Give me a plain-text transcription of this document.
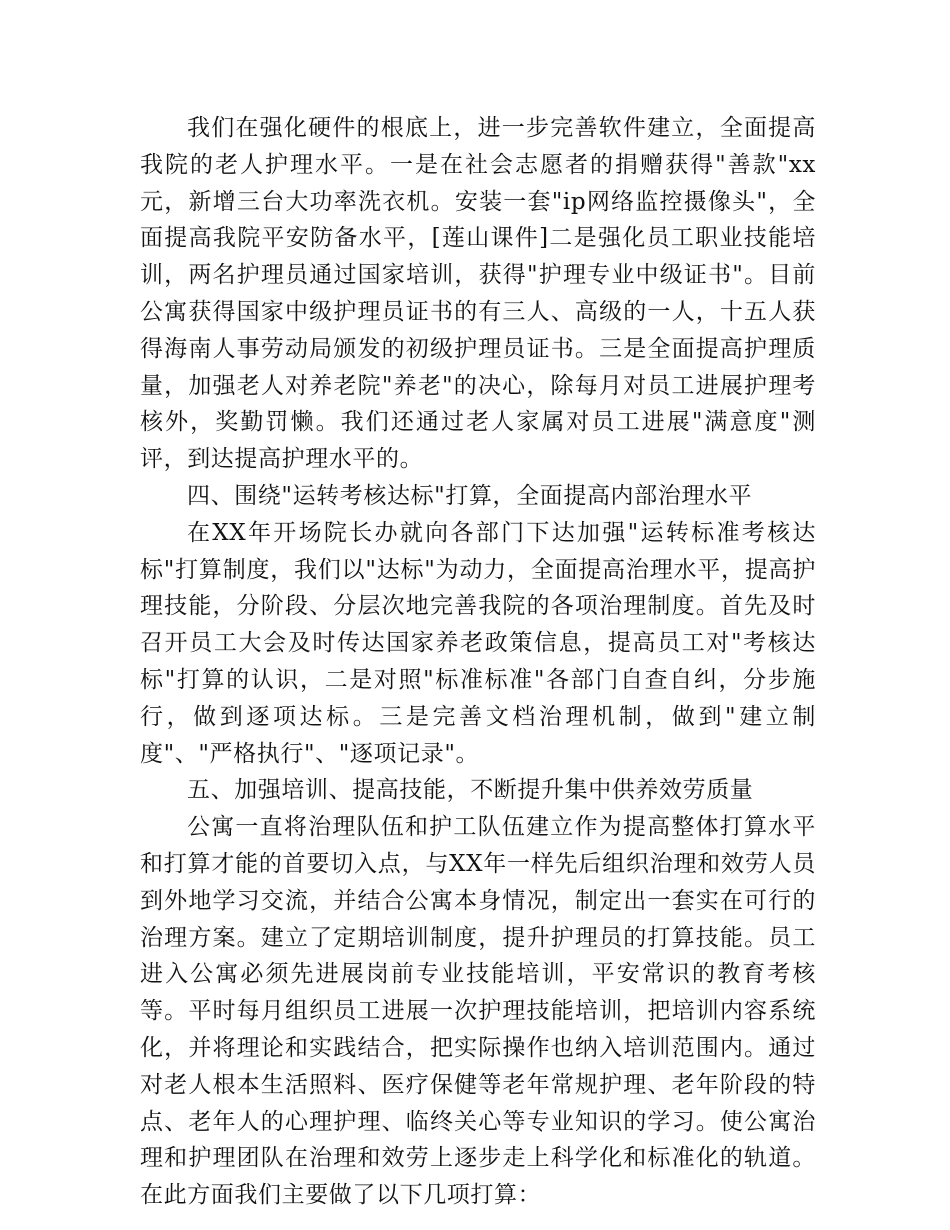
我们在强化硬件的根底上，进一步完善软件建立，全面提高我院的老人护理水平。一是在社会志愿者的捐赠获得"善款"xx元，新增三台大功率洗衣机。安装一套"ip网络监控摄像头"，全面提高我院平安防备水平，[莲山课件]二是强化员工职业技能培训，两名护理员通过国家培训，获得"护理专业中级证书"。目前公寓获得国家中级护理员证书的有三人、高级的一人，十五人获得海南人事劳动局颁发的初级护理员证书。三是全面提高护理质量，加强老人对养老院"养老"的决心，除每月对员工进展护理考核外，奖勤罚懒。我们还通过老人家属对员工进展"满意度"测评，到达提高护理水平的。

四、围绕"运转考核达标"打算，全面提高内部治理水平

在XX年开场院长办就向各部门下达加强"运转标准考核达标"打算制度，我们以"达标"为动力，全面提高治理水平，提高护理技能，分阶段、分层次地完善我院的各项治理制度。首先及时召开员工大会及时传达国家养老政策信息，提高员工对"考核达标"打算的认识，二是对照"标准标准"各部门自查自纠，分步施行，做到逐项达标。三是完善文档治理机制，做到"建立制度"、"严格执行"、"逐项记录"。

五、加强培训、提高技能，不断提升集中供养效劳质量

公寓一直将治理队伍和护工队伍建立作为提高整体打算水平和打算才能的首要切入点，与XX年一样先后组织治理和效劳人员到外地学习交流，并结合公寓本身情况，制定出一套实在可行的治理方案。建立了定期培训制度，提升护理员的打算技能。员工进入公寓必须先进展岗前专业技能培训，平安常识的教育考核等。平时每月组织员工进展一次护理技能培训，把培训内容系统化，并将理论和实践结合，把实际操作也纳入培训范围内。通过对老人根本生活照料、医疗保健等老年常规护理、老年阶段的特点、老年人的心理护理、临终关心等专业知识的学习。使公寓治理和护理团队在治理和效劳上逐步走上科学化和标准化的轨道。在此方面我们主要做了以下几项打算：
